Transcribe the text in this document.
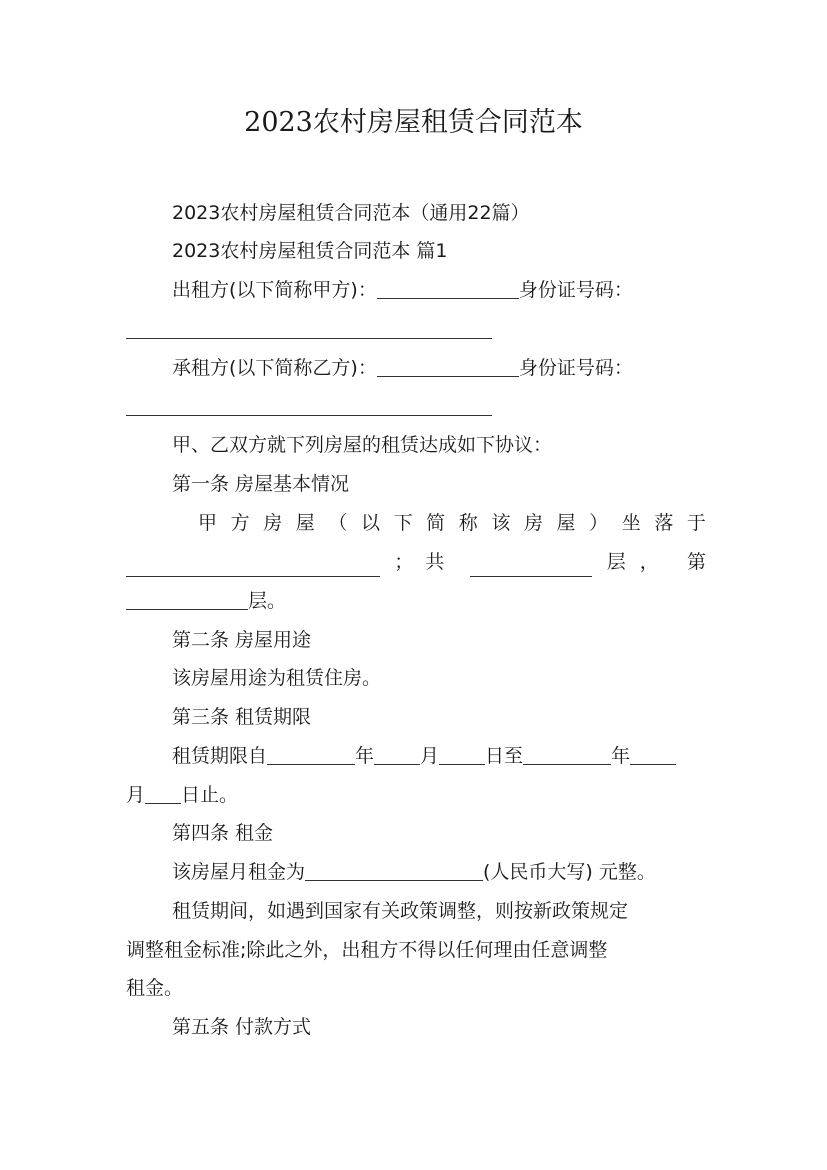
2023农村房屋租赁合同范本
2023农村房屋租赁合同范本（通用22篇）
2023农村房屋租赁合同范本 篇1
出租方(以下简称甲方)：	身份证号码：
承租方(以下简称乙方)：	身份证号码：
甲、乙双方就下列房屋的租赁达成如下协议：
第一条 房屋基本情况
甲 方 房 屋 （ 以 下 简 称 该 房 屋 ） 坐 落 于
；共	层， 第
层。
第二条 房屋用途
该房屋用途为租赁住房。
第三条 租赁期限
租赁期限自	年 月 日至	年
月 日止。
第四条 租金
该房屋月租金为	(人民币大写) 元整。
租赁期间，如遇到国家有关政策调整，则按新政策规定
调整租金标准;除此之外，出租方不得以任何理由任意调整
租金。
第五条 付款方式
